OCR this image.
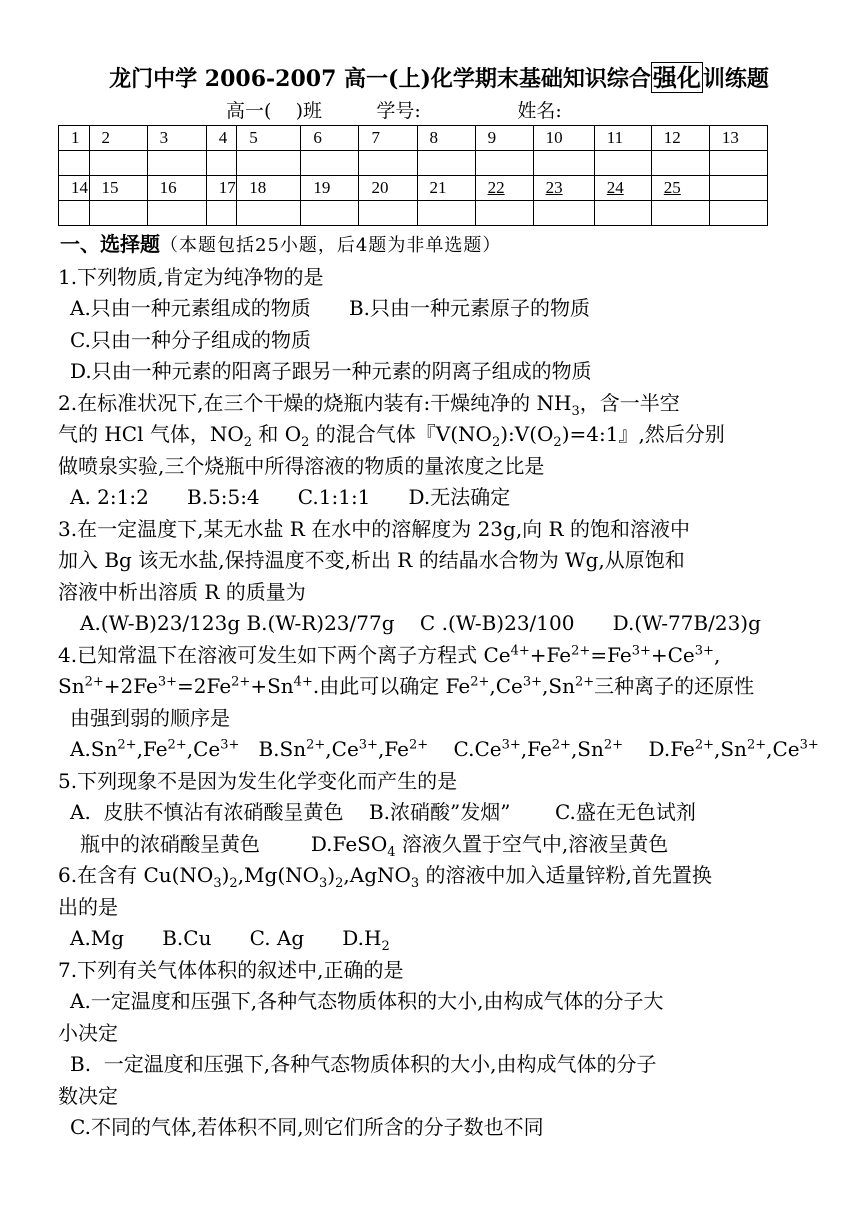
龙门中学 2006-2007 高一(上)化学期末基础知识综合强化训练题
高一(    )班	学号:	姓名:
1	2	3	4	5	6	7	8	9	10	11	12	13

14	15	16	17	18	19	20	21	22	23	24	25	

一、选择题（本题包括25小题，后4题为非单选题）

1.下列物质,肯定为纯净物的是

A.只由一种元素组成的物质 B.只由一种元素原子的物质

C.只由一种分子组成的物质

D.只由一种元素的阳离子跟另一种元素的阴离子组成的物质

2.在标准状况下,在三个干燥的烧瓶内装有:干燥纯净的 $NH_3$，含一半空

气的 HCl 气体，$NO_2$ 和 $O_2$ 的混合气体『$V(NO_2):V(O_2)=4:1$』,然后分别

做喷泉实验,三个烧瓶中所得溶液的物质的量浓度之比是

A. 2:1:2      B.5:5:4      C.1:1:1      D.无法确定

3.在一定温度下,某无水盐 R 在水中的溶解度为 23g,向 R 的饱和溶液中

加入 Bg 该无水盐,保持温度不变,析出 R 的结晶水合物为 Wg,从原饱和

溶液中析出溶质 R 的质量为

A.(W-B)23/123g B.(W-R)23/77g    C .(W-B)23/100      D.(W-77B/23)g

4.已知常温下在溶液可发生如下两个离子方程式 $Ce^{4+}+Fe^{2+}=Fe^{3+}+Ce^{3+}$,

$Sn^{2+}+2Fe^{3+}=2Fe^{2+}+Sn^{4+}$.由此可以确定 $Fe^{2+},Ce^{3+},Sn^{2+}$三种离子的还原性

由强到弱的顺序是

$A.Sn^{2+},Fe^{2+},Ce^{3+}$   $B.Sn^{2+},Ce^{3+},Fe^{2+}$    $C.Ce^{3+},Fe^{2+},Sn^{2+}$    $D.Fe^{2+},Sn^{2+},Ce^{3+}$

5.下列现象不是因为发生化学变化而产生的是

A.  皮肤不慎沾有浓硝酸呈黄色    B.浓硝酸”发烟”       C.盛在无色试剂

瓶中的浓硝酸呈黄色        D.FeSO$_4$ 溶液久置于空气中,溶液呈黄色

6.在含有 $Cu(NO_3)_2,Mg(NO_3)_2,AgNO_3$ 的溶液中加入适量锌粉,首先置换

出的是

A.Mg      B.Cu      C. Ag      $D.H_2$

7.下列有关气体体积的叙述中,正确的是

A.一定温度和压强下,各种气态物质体积的大小,由构成气体的分子大

小决定

B.  一定温度和压强下,各种气态物质体积的大小,由构成气体的分子

数决定

C.不同的气体,若体积不同,则它们所含的分子数也不同
